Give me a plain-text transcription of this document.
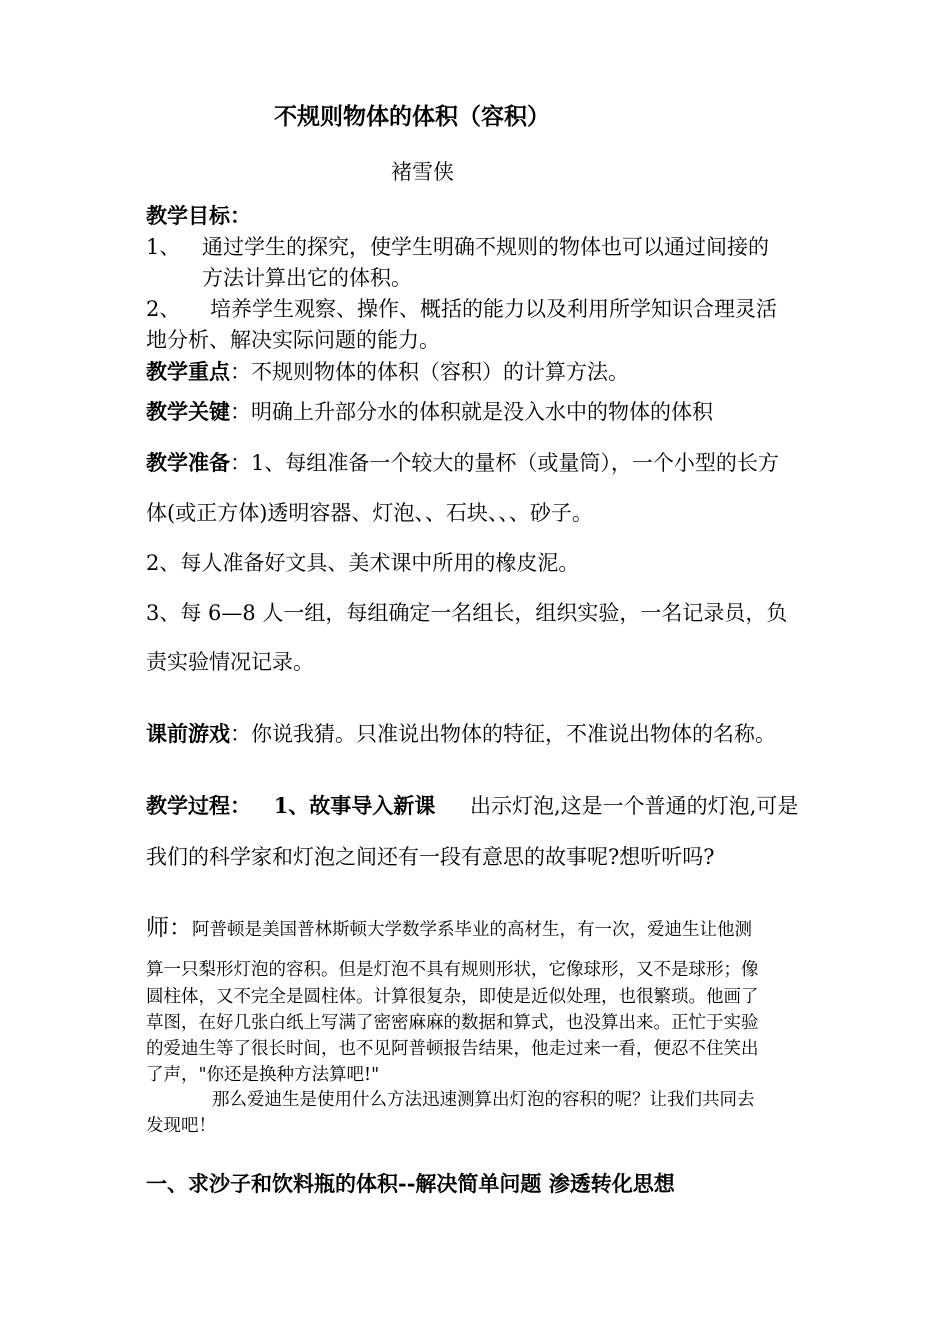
不规则物体的体积（容积）
褚雪侠
教学目标：
1、 通过学生的探究，使学生明确不规则的物体也可以通过间接的
方法计算出它的体积。
2、 培养学生观察、操作、概括的能力以及利用所学知识合理灵活
地分析、解决实际问题的能力。
教学重点：不规则物体的体积（容积）的计算方法。
教学关键：明确上升部分水的体积就是没入水中的物体的体积
教学准备：1、每组准备一个较大的量杯（或量筒），一个小型的长方
体(或正方体)透明容器、灯泡、、石块、、、砂子。
2、每人准备好文具、美术课中所用的橡皮泥。
3、每 6—8 人一组，每组确定一名组长，组织实验，一名记录员，负
责实验情况记录。
课前游戏：你说我猜。只准说出物体的特征，不准说出物体的名称。
教学过程： 1、故事导入新课 出示灯泡,这是一个普通的灯泡,可是
我们的科学家和灯泡之间还有一段有意思的故事呢?想听听吗?
师：阿普顿是美国普林斯顿大学数学系毕业的高材生，有一次，爱迪生让他测
算一只梨形灯泡的容积。但是灯泡不具有规则形状，它像球形，又不是球形；像
圆柱体，又不完全是圆柱体。计算很复杂，即使是近似处理，也很繁琐。他画了
草图，在好几张白纸上写满了密密麻麻的数据和算式，也没算出来。正忙于实验
的爱迪生等了很长时间，也不见阿普顿报告结果，他走过来一看，便忍不住笑出
了声，"你还是换种方法算吧!"
那么爱迪生是使用什么方法迅速测算出灯泡的容积的呢？让我们共同去
发现吧！
一、求沙子和饮料瓶的体积--解决简单问题 渗透转化思想
